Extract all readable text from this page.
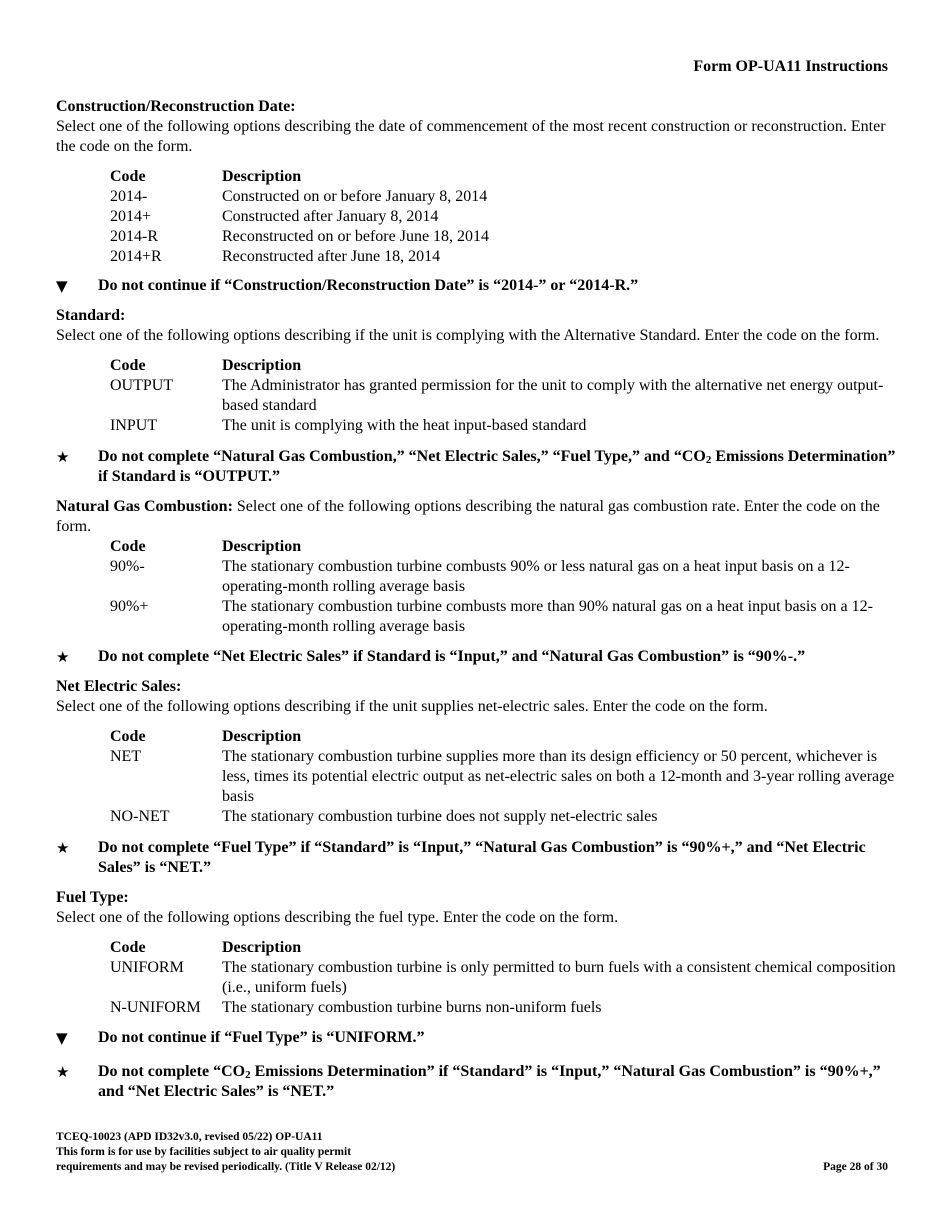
Form OP-UA11 Instructions
Construction/Reconstruction Date:

Select one of the following options describing the date of commencement of the most recent construction or reconstruction. Enter the code on the form.

Code	Description
2014-	Constructed on or before January 8, 2014
2014+	Constructed after January 8, 2014
2014-R	Reconstructed on or before June 18, 2014
2014+R	Reconstructed after June 18, 2014
▼ Do not continue if “Construction/Reconstruction Date” is “2014-” or “2014-R.”
Standard:

Select one of the following options describing if the unit is complying with the Alternative Standard. Enter the code on the form.

Code	Description
OUTPUT	The Administrator has granted permission for the unit to comply with the alternative net energy output-based standard
INPUT	The unit is complying with the heat input-based standard
★ Do not complete “Natural Gas Combustion,” “Net Electric Sales,” “Fuel Type,” and “$CO_2$ Emissions Determination” if Standard is “OUTPUT.”

Natural Gas Combustion: Select one of the following options describing the natural gas combustion rate. Enter the code on the form.

Code	Description
90%-	The stationary combustion turbine combusts 90% or less natural gas on a heat input basis on a 12-operating-month rolling average basis
90%+	The stationary combustion turbine combusts more than 90% natural gas on a heat input basis on a 12-operating-month rolling average basis
★ Do not complete “Net Electric Sales” if Standard is “Input,” and “Natural Gas Combustion” is “90%-.”
Net Electric Sales:

Select one of the following options describing if the unit supplies net-electric sales. Enter the code on the form.

Code	Description
NET	The stationary combustion turbine supplies more than its design efficiency or 50 percent, whichever is less, times its potential electric output as net-electric sales on both a 12-month and 3-year rolling average basis
NO-NET	The stationary combustion turbine does not supply net-electric sales
★ Do not complete “Fuel Type” if “Standard” is “Input,” “Natural Gas Combustion” is “90%+,” and “Net Electric Sales” is “NET.”
Fuel Type:

Select one of the following options describing the fuel type. Enter the code on the form.

Code	Description
UNIFORM	The stationary combustion turbine is only permitted to burn fuels with a consistent chemical composition (i.e., uniform fuels)
N-UNIFORM	The stationary combustion turbine burns non-uniform fuels
▼ Do not continue if “Fuel Type” is “UNIFORM.”
★ Do not complete “$CO_2$ Emissions Determination” if “Standard” is “Input,” “Natural Gas Combustion” is “90%+,” and “Net Electric Sales” is “NET.”
TCEQ-10023 (APD ID32v3.0, revised 05/22) OP-UA11
This form is for use by facilities subject to air quality permit
requirements and may be revised periodically. (Title V Release 02/12)	Page 28 of 30
